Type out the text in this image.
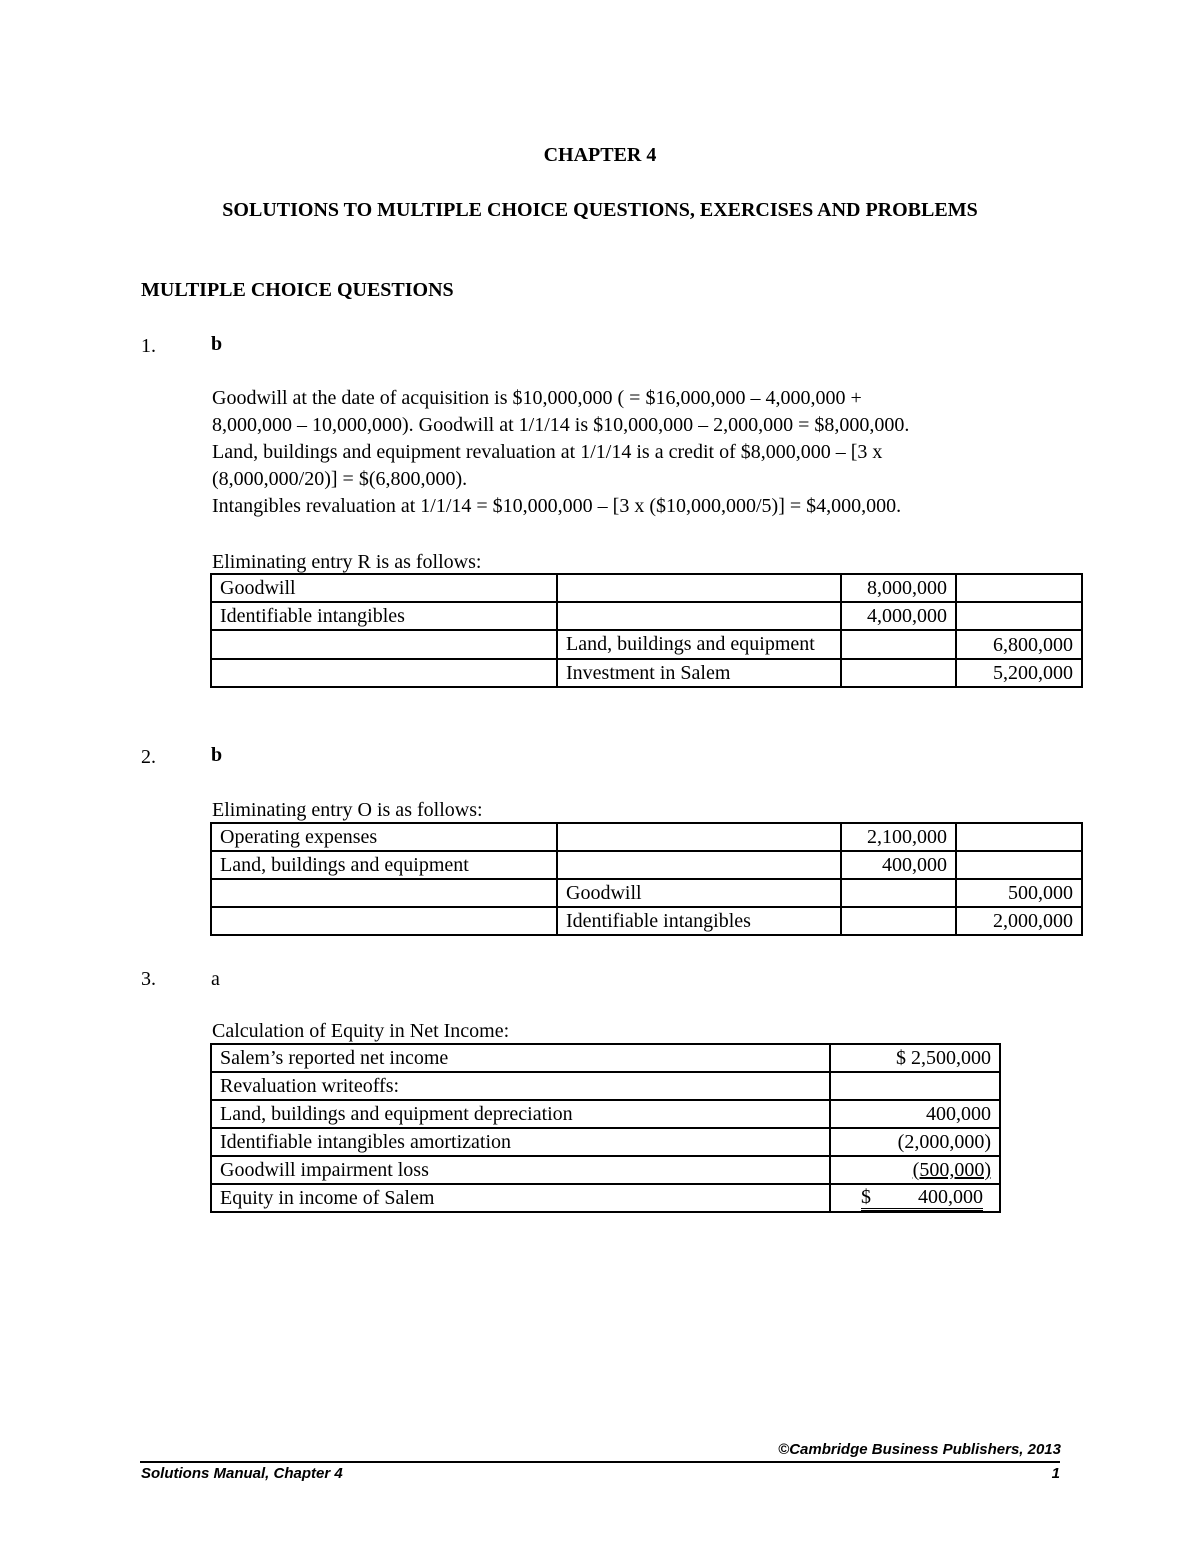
CHAPTER 4
SOLUTIONS TO MULTIPLE CHOICE QUESTIONS, EXERCISES AND PROBLEMS
MULTIPLE CHOICE QUESTIONS
1.	b
Goodwill at the date of acquisition is $10,000,000 ( = $16,000,000 – 4,000,000 +
8,000,000 – 10,000,000). Goodwill at 1/1/14 is $10,000,000 – 2,000,000 = $8,000,000.
Land, buildings and equipment revaluation at 1/1/14 is a credit of $8,000,000 – [3 x
(8,000,000/20)] = $(6,800,000).
Intangibles revaluation at 1/1/14 = $10,000,000 – [3 x ($10,000,000/5)] = $4,000,000.
Eliminating entry R is as follows:
Goodwill		8,000,000	
Identifiable intangibles		4,000,000	
	Land, buildings and equipment		6,800,000
	Investment in Salem		5,200,000
2.	b
Eliminating entry O is as follows:
Operating expenses		2,100,000	
Land, buildings and equipment		400,000	
	Goodwill		500,000
	Identifiable intangibles		2,000,000
3.	a
Calculation of Equity in Net Income:
Salem’s reported net income	$ 2,500,000
Revaluation writeoffs:	
Land, buildings and equipment depreciation	400,000
Identifiable intangibles amortization	(2,000,000)
Goodwill impairment loss	(500,000)
Equity in income of Salem	$ 400,000
©Cambridge Business Publishers, 2013
Solutions Manual, Chapter 4	1
